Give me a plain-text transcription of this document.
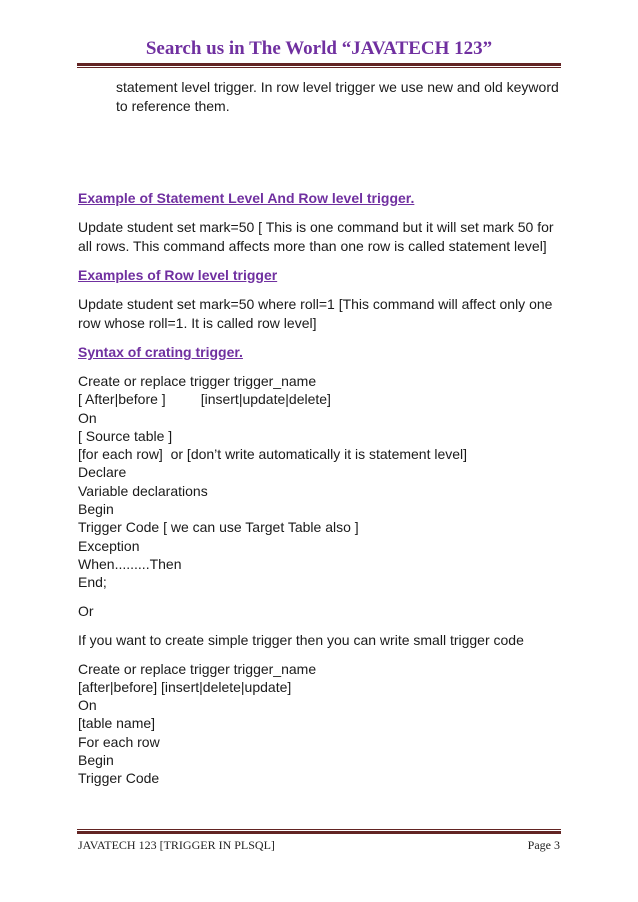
Search us in The World “JAVATECH 123”

statement level trigger. In row level trigger we use new and old keyword to reference them.

Example of Statement Level And Row level trigger.

Update student set mark=50 [ This is one command but it will set mark 50 for all rows. This command affects more than one row is called statement level]

Examples of Row level trigger

Update student set mark=50 where roll=1 [This command will affect only one row whose roll=1. It is called row level]

Syntax of crating trigger.

Create or replace trigger trigger_name
[ After|before ]         [insert|update|delete]
On
[ Source table ]
[for each row]  or [don’t write automatically it is statement level]
Declare
Variable declarations
Begin
Trigger Code [ we can use Target Table also ]
Exception
When.........Then
End;

Or

If you want to create simple trigger then you can write small trigger code

Create or replace trigger trigger_name
[after|before] [insert|delete|update]
On
[table name]
For each row
Begin
Trigger Code
JAVATECH 123 [TRIGGER IN PLSQL]	Page 3
